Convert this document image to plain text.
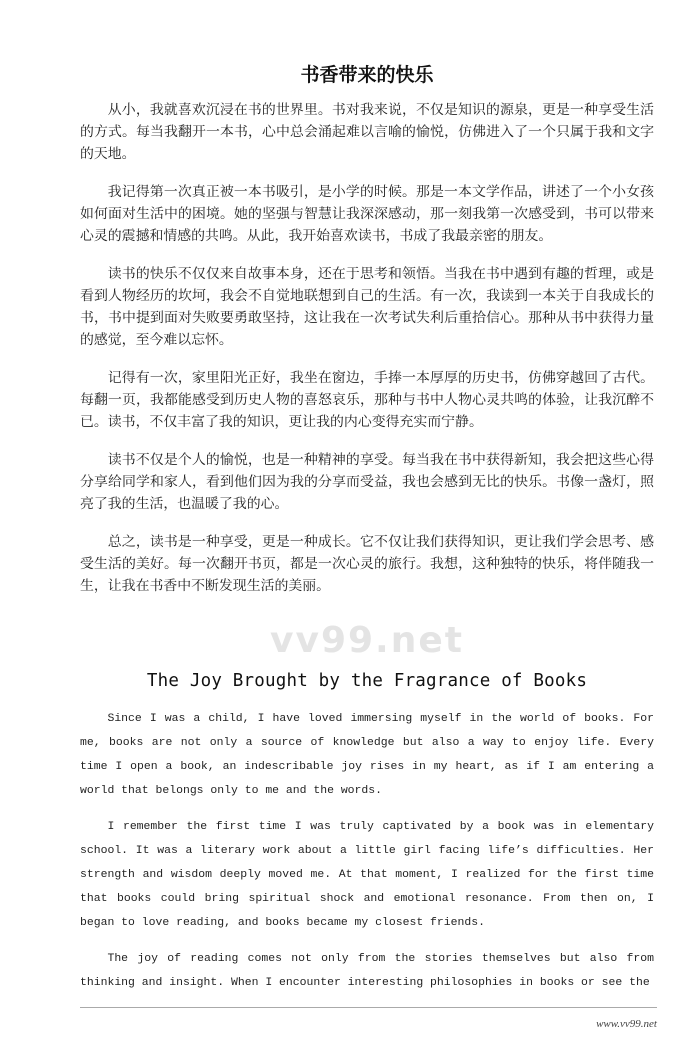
书香带来的快乐

从小，我就喜欢沉浸在书的世界里。书对我来说，不仅是知识的源泉，更是一种享受生活的方式。每当我翻开一本书，心中总会涌起难以言喻的愉悦，仿佛进入了一个只属于我和文字的天地。

我记得第一次真正被一本书吸引，是小学的时候。那是一本文学作品，讲述了一个小女孩如何面对生活中的困境。她的坚强与智慧让我深深感动，那一刻我第一次感受到，书可以带来心灵的震撼和情感的共鸣。从此，我开始喜欢读书，书成了我最亲密的朋友。

读书的快乐不仅仅来自故事本身，还在于思考和领悟。当我在书中遇到有趣的哲理，或是看到人物经历的坎坷，我会不自觉地联想到自己的生活。有一次，我读到一本关于自我成长的书，书中提到面对失败要勇敢坚持，这让我在一次考试失利后重拾信心。那种从书中获得力量的感觉，至今难以忘怀。

记得有一次，家里阳光正好，我坐在窗边，手捧一本厚厚的历史书，仿佛穿越回了古代。每翻一页，我都能感受到历史人物的喜怒哀乐，那种与书中人物心灵共鸣的体验，让我沉醉不已。读书，不仅丰富了我的知识，更让我的内心变得充实而宁静。

读书不仅是个人的愉悦，也是一种精神的享受。每当我在书中获得新知，我会把这些心得分享给同学和家人，看到他们因为我的分享而受益，我也会感到无比的快乐。书像一盏灯，照亮了我的生活，也温暖了我的心。

总之，读书是一种享受，更是一种成长。它不仅让我们获得知识，更让我们学会思考、感受生活的美好。每一次翻开书页，都是一次心灵的旅行。我想，这种独特的快乐，将伴随我一生，让我在书香中不断发现生活的美丽。

vv99.net
The Joy Brought by the Fragrance of Books

Since I was a child, I have loved immersing myself in the world of books. For me, books are not only a source of knowledge but also a way to enjoy life. Every time I open a book, an indescribable joy rises in my heart, as if I am entering a world that belongs only to me and the words.

I remember the first time I was truly captivated by a book was in elementary school. It was a literary work about a little girl facing life’s difficulties. Her strength and wisdom deeply moved me. At that moment, I realized for the first time that books could bring spiritual shock and emotional resonance. From then on, I began to love reading, and books became my closest friends.

The joy of reading comes not only from the stories themselves but also from thinking and insight. When I encounter interesting philosophies in books or see the

www.vv99.net
